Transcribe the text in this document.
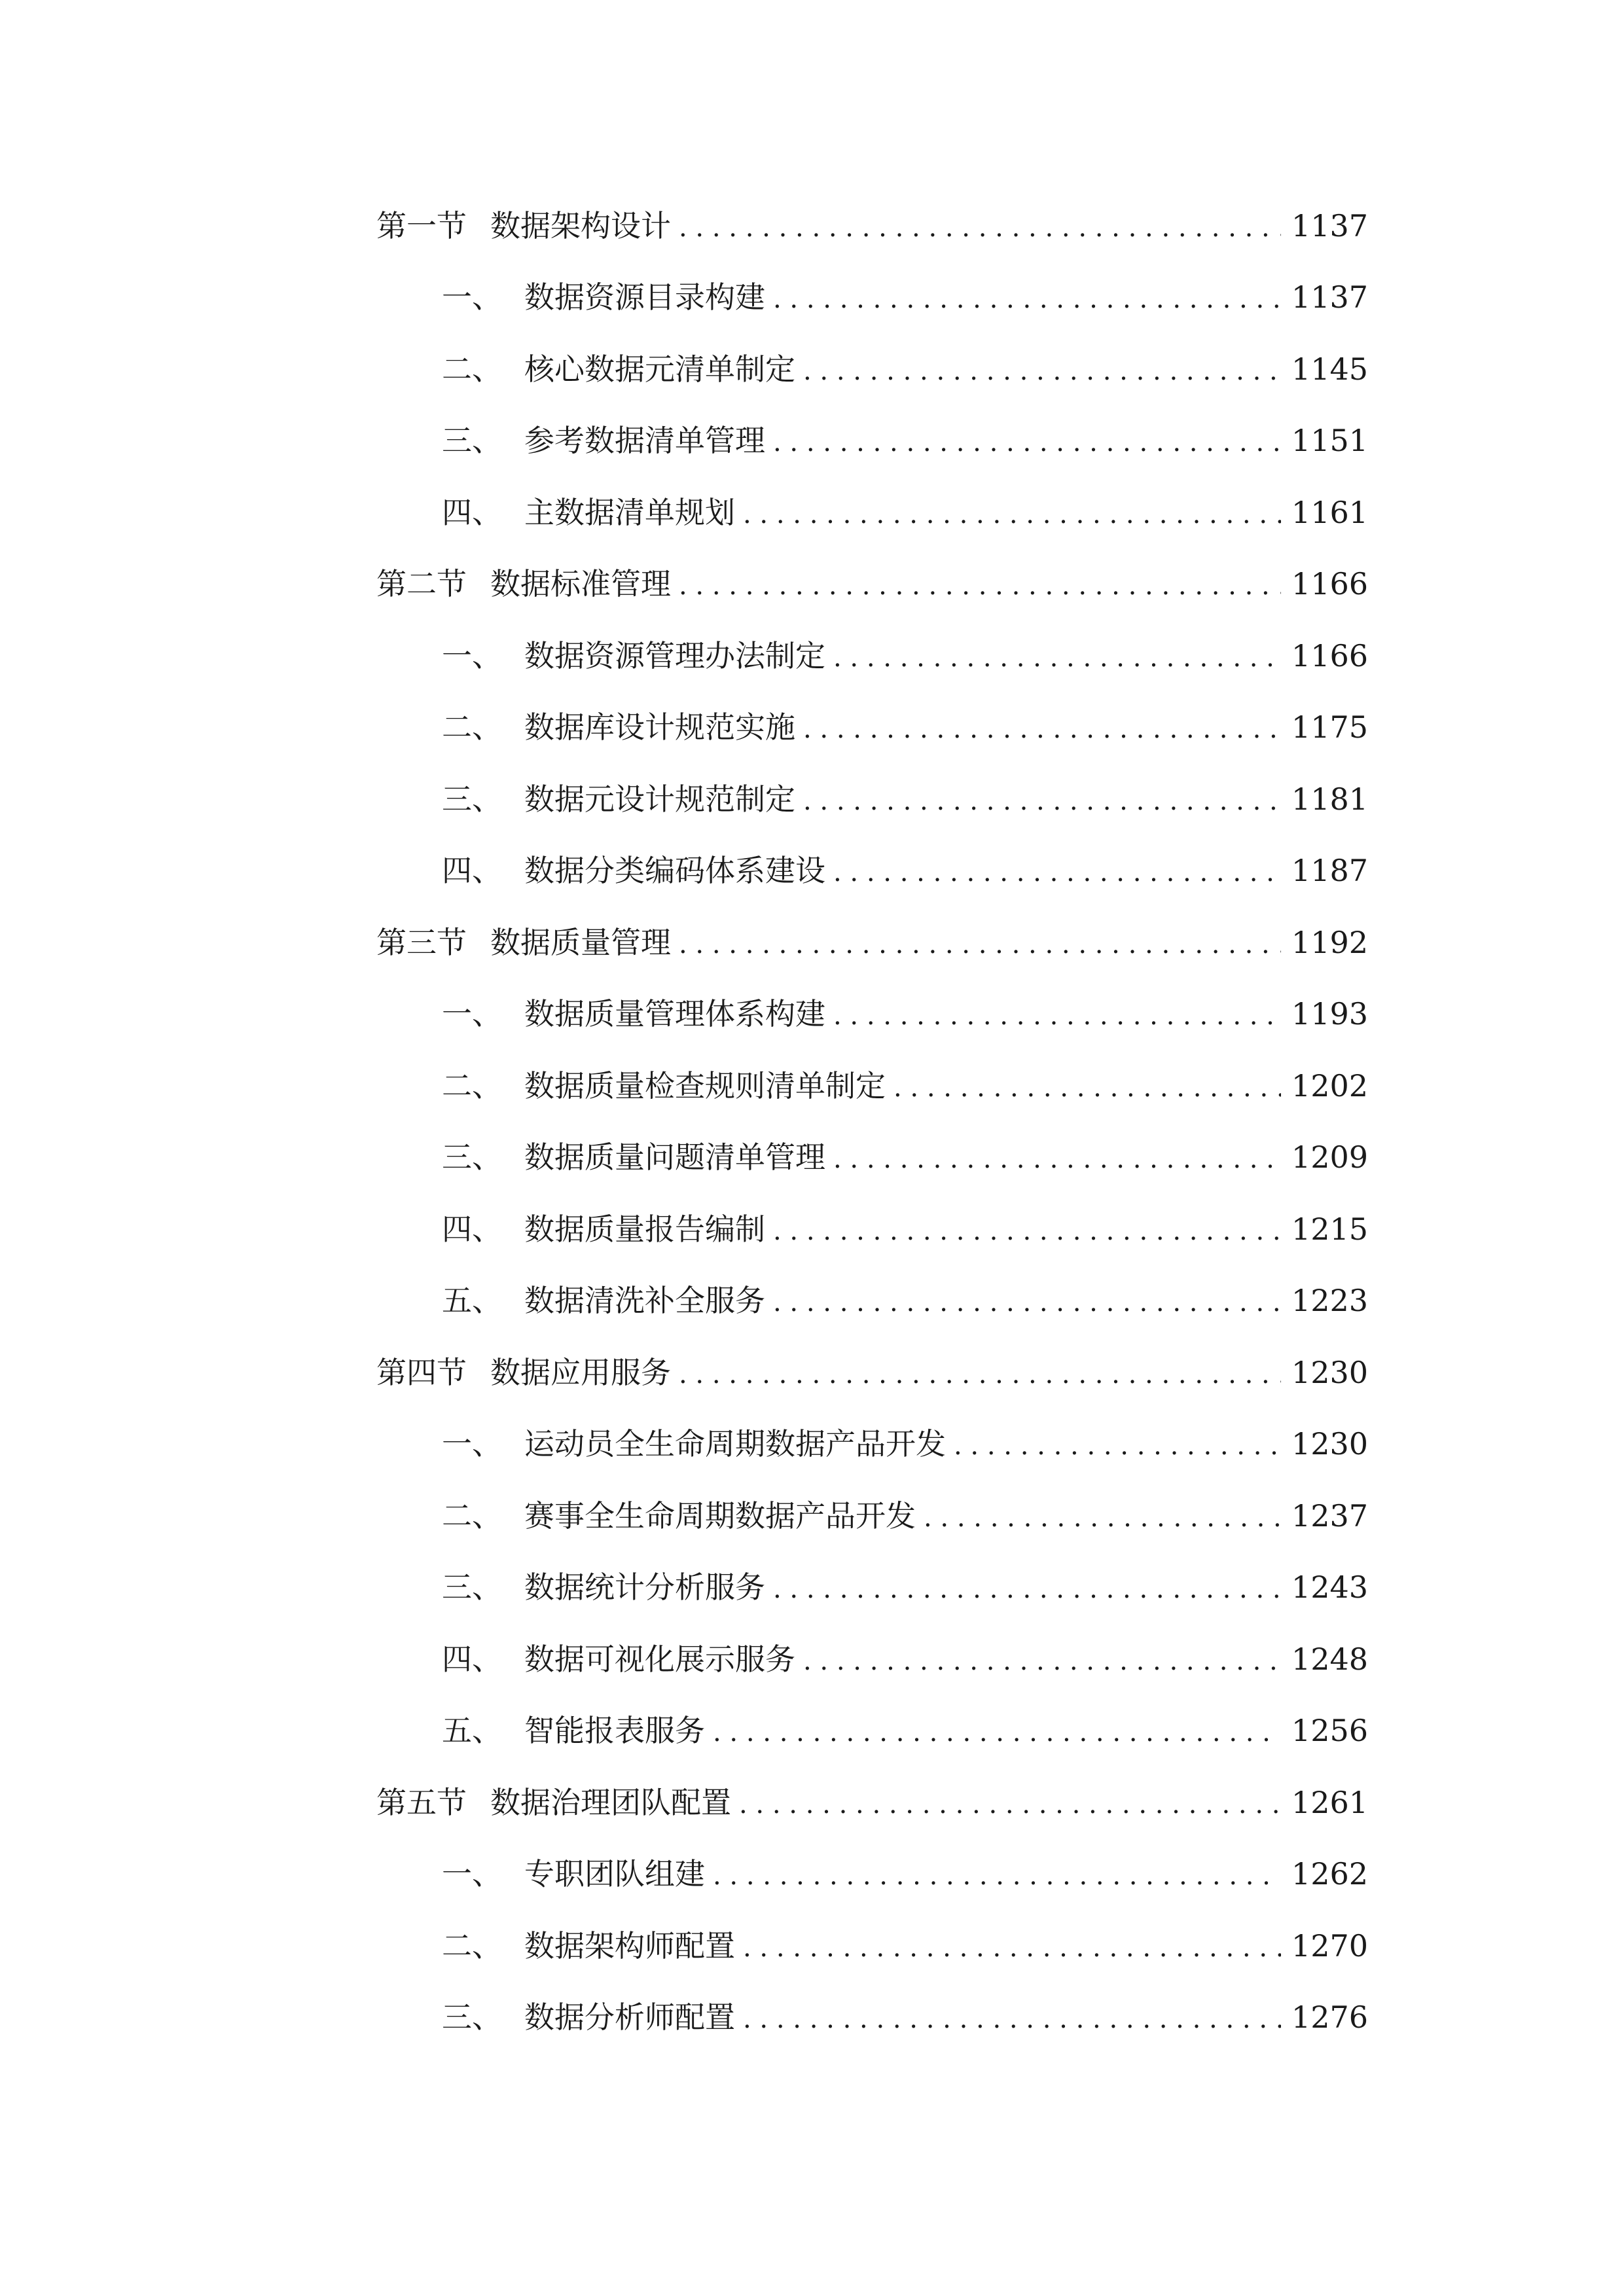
第一节 数据架构设计 . . .	1137
一、 数据资源目录构建 . . .	1137
二、 核心数据元清单制定 . . .	1145
三、 参考数据清单管理 . . .	1151
四、 主数据清单规划 . . .	1161
第二节 数据标准管理 . . .	1166
一、 数据资源管理办法制定 . . .	1166
二、 数据库设计规范实施 . . .	1175
三、 数据元设计规范制定 . . .	1181
四、 数据分类编码体系建设 . . .	1187
第三节 数据质量管理 . . .	1192
一、 数据质量管理体系构建 . . .	1193
二、 数据质量检查规则清单制定 . . .	1202
三、 数据质量问题清单管理 . . .	1209
四、 数据质量报告编制 . . .	1215
五、 数据清洗补全服务 . . .	1223
第四节 数据应用服务 . . .	1230
一、 运动员全生命周期数据产品开发 . . .	1230
二、 赛事全生命周期数据产品开发 . . .	1237
三、 数据统计分析服务 . . .	1243
四、 数据可视化展示服务 . . .	1248
五、 智能报表服务 . . .	1256
第五节 数据治理团队配置 . . .	1261
一、 专职团队组建 . . .	1262
二、 数据架构师配置 . . .	1270
三、 数据分析师配置 . . .	1276
